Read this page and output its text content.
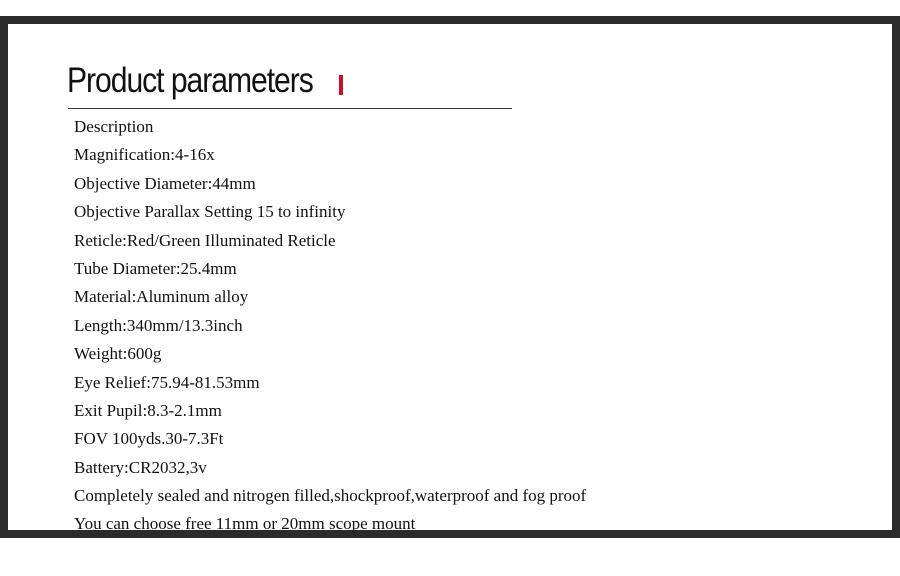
Product parameters
Description
Magnification:4-16x
Objective Diameter:44mm
Objective Parallax Setting 15 to infinity
Reticle:Red/Green Illuminated Reticle
Tube Diameter:25.4mm
Material:Aluminum alloy
Length:340mm/13.3inch
Weight:600g
Eye Relief:75.94-81.53mm
Exit Pupil:8.3-2.1mm
FOV 100yds.30-7.3Ft
Battery:CR2032,3v
Completely sealed and nitrogen filled,shockproof,waterproof and fog proof
You can choose free 11mm or 20mm scope mount
